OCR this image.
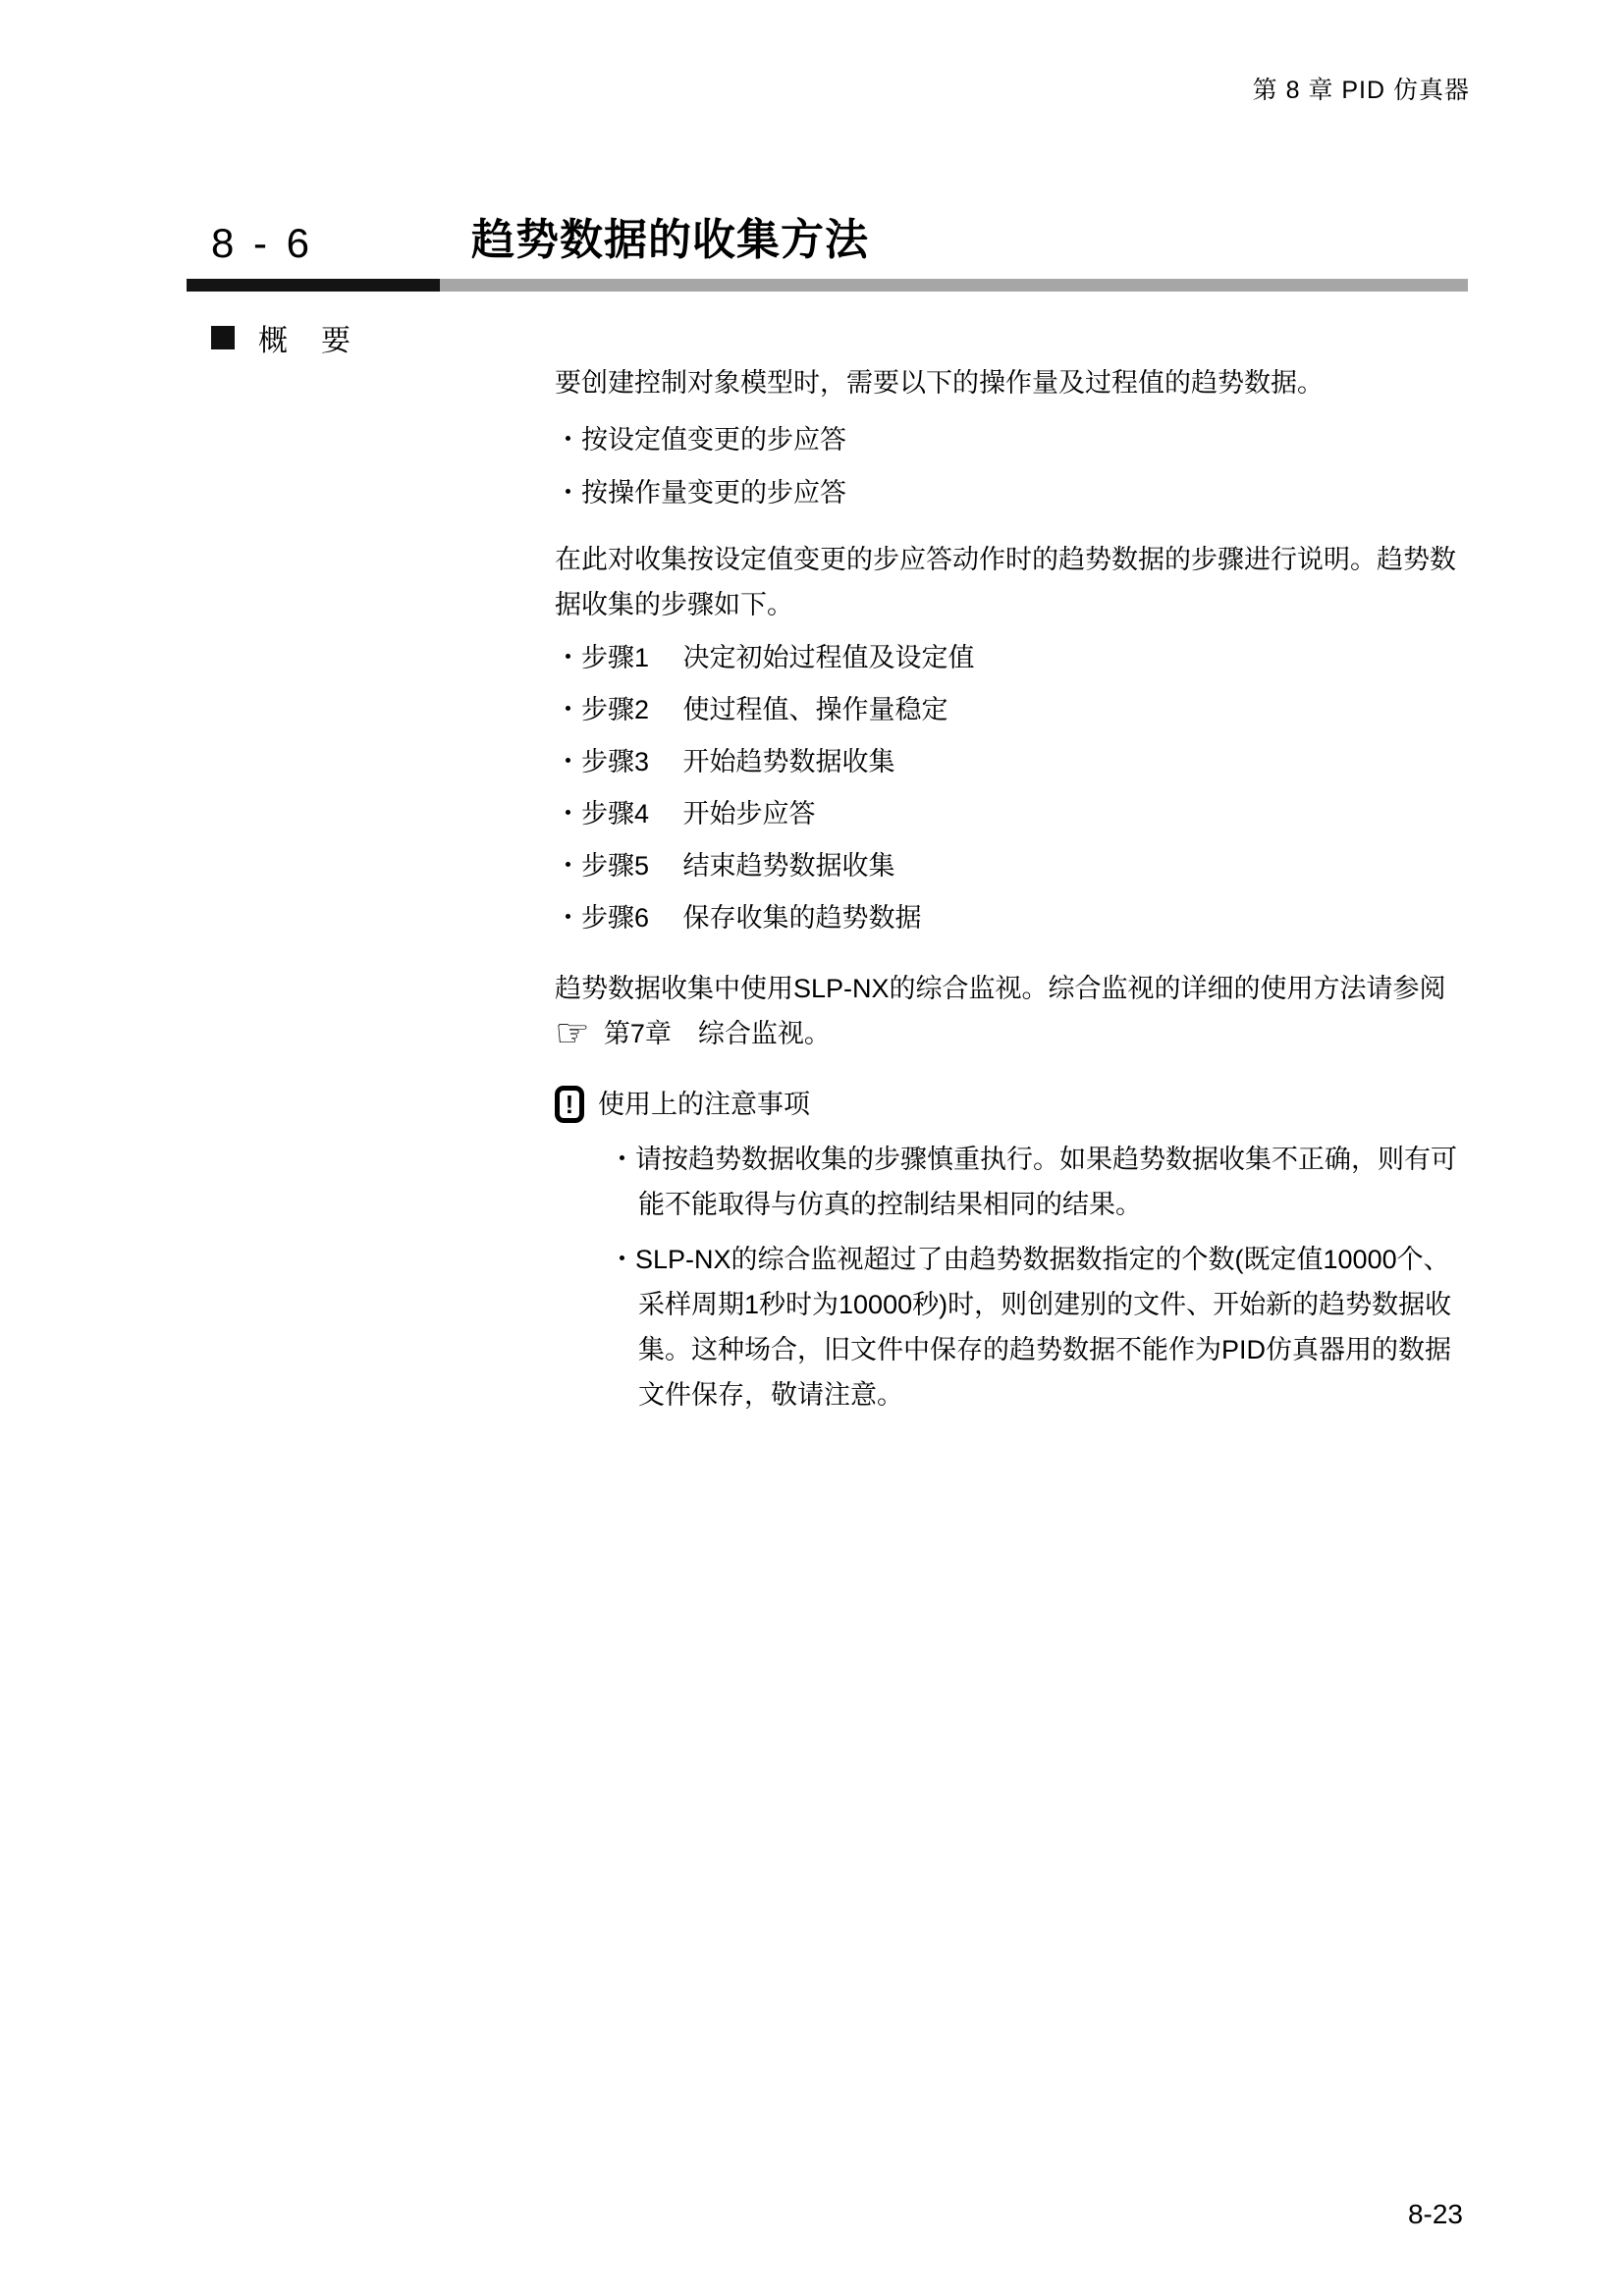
第 8 章 PID 仿真器
8 - 6	趋势数据的收集方法
概　要
要创建控制对象模型时，需要以下的操作量及过程值的趋势数据。
・按设定值变更的步应答
・按操作量变更的步应答
在此对收集按设定值变更的步应答动作时的趋势数据的步骤进行说明。趋势数据收集的步骤如下。
・步骤1　 决定初始过程值及设定值
・步骤2　 使过程值、操作量稳定
・步骤3　 开始趋势数据收集
・步骤4　 开始步应答
・步骤5　 结束趋势数据收集
・步骤6　 保存收集的趋势数据
趋势数据收集中使用SLP-NX的综合监视。综合监视的详细的使用方法请参阅
☞ 第7章　综合监视。
! 使用上的注意事项
・请按趋势数据收集的步骤慎重执行。如果趋势数据收集不正确，则有可能不能取得与仿真的控制结果相同的结果。
・SLP-NX的综合监视超过了由趋势数据数指定的个数(既定值10000个、采样周期1秒时为10000秒)时，则创建别的文件、开始新的趋势数据收集。这种场合，旧文件中保存的趋势数据不能作为PID仿真器用的数据文件保存，敬请注意。
8-23
